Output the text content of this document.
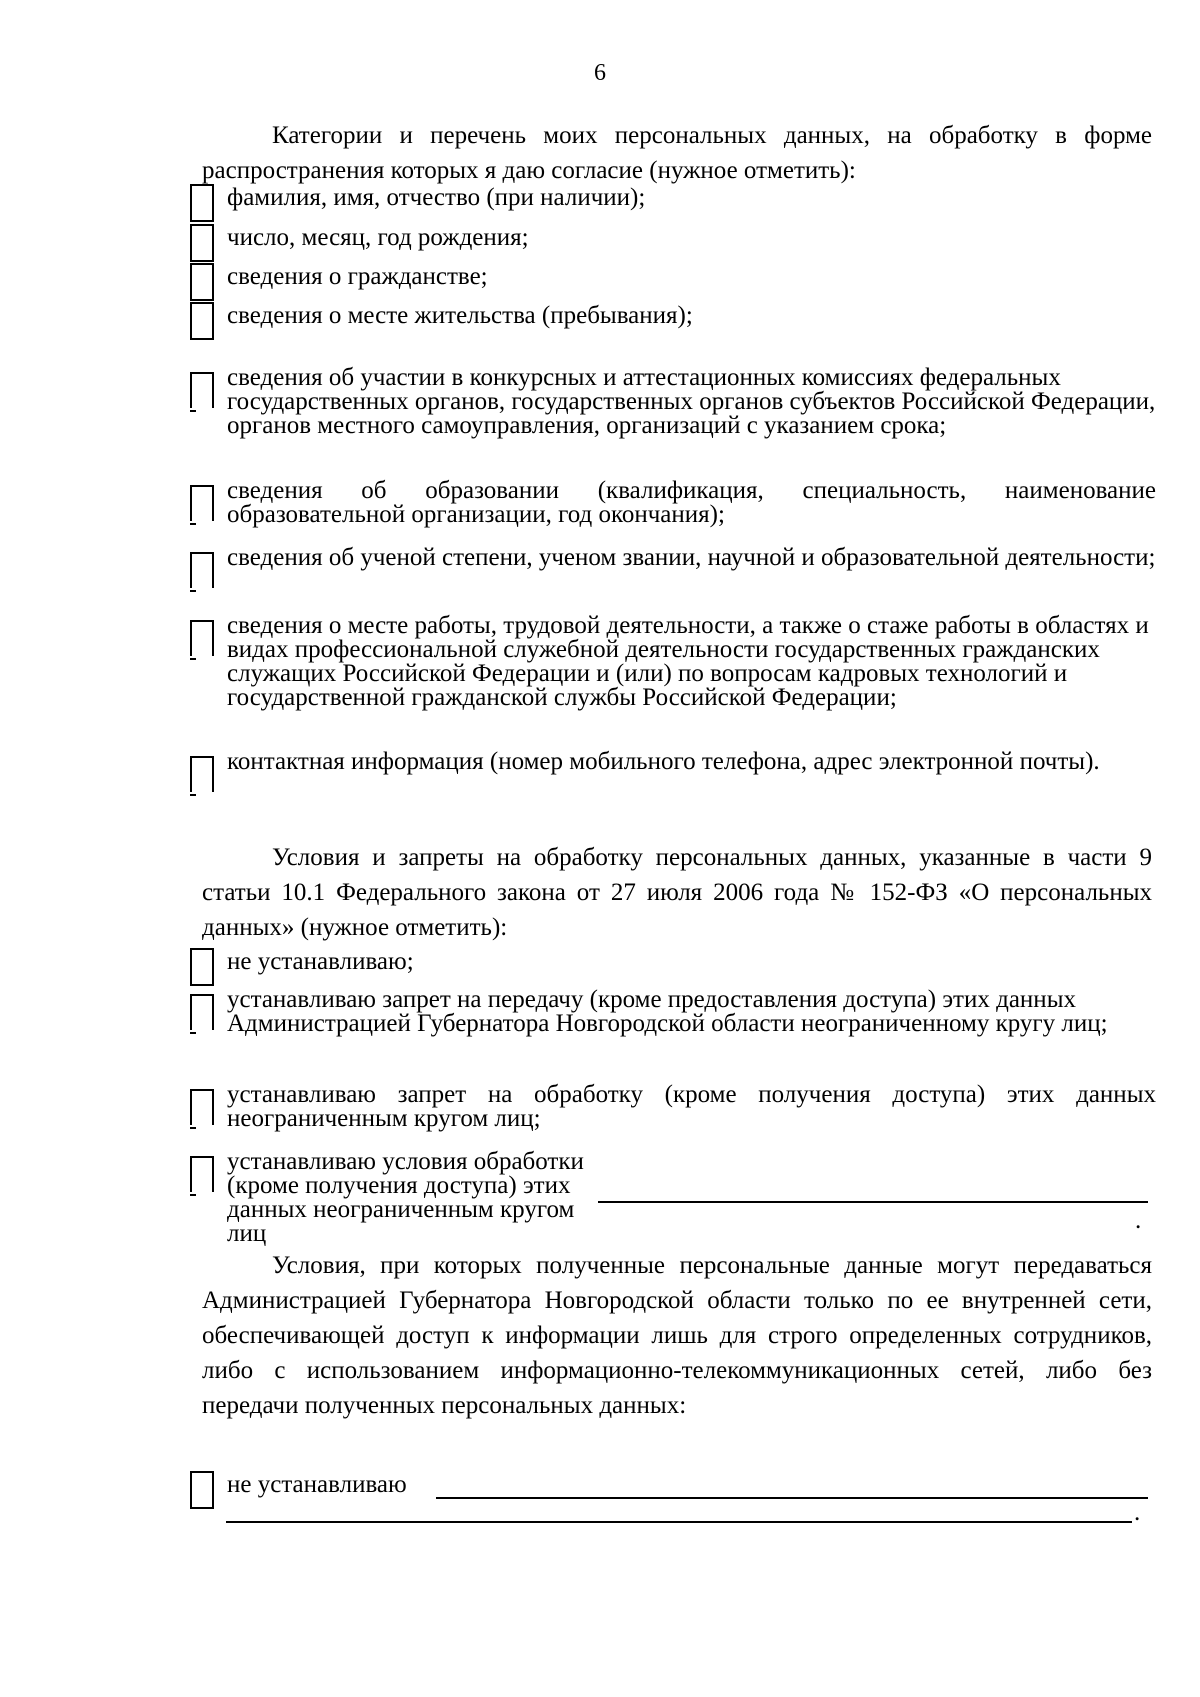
6
Категории и перечень моих персональных данных, на обработку в форме распространения которых я даю согласие (нужное отметить):
фамилия, имя, отчество (при наличии);
число, месяц, год рождения;
сведения о гражданстве;
сведения о месте жительства (пребывания);
сведения об участии в конкурсных и аттестационных комиссиях федеральных государственных органов, государственных органов субъектов Российской Федерации, органов местного самоуправления, организаций с указанием срока;
сведения об образовании (квалификация, специальность, наименование образовательной организации, год окончания);
сведения об ученой степени, ученом звании, научной и образовательной деятельности;
сведения о месте работы, трудовой деятельности, а также о стаже работы в областях и видах профессиональной служебной деятельности государственных гражданских служащих Российской Федерации и (или) по вопросам кадровых технологий и государственной гражданской службы Российской Федерации;
контактная информация (номер мобильного телефона, адрес электронной почты).
Условия и запреты на обработку персональных данных, указанные в части 9 статьи 10.1 Федерального закона от 27 июля 2006 года № 152-ФЗ «О персональных данных» (нужное отметить):
не устанавливаю;
устанавливаю запрет на передачу (кроме предоставления доступа) этих данных Администрацией Губернатора Новгородской области неограниченному кругу лиц;
устанавливаю запрет на обработку (кроме получения доступа) этих данных неограниченным кругом лиц;
устанавливаю условия обработки (кроме получения доступа) этих данных неограниченным кругом лиц	.
Условия, при которых полученные персональные данные могут передаваться Администрацией Губернатора Новгородской области только по ее внутренней сети, обеспечивающей доступ к информации лишь для строго определенных сотрудников, либо с использованием информационно-телекоммуникационных сетей, либо без передачи полученных персональных данных:
не устанавливаю
.
